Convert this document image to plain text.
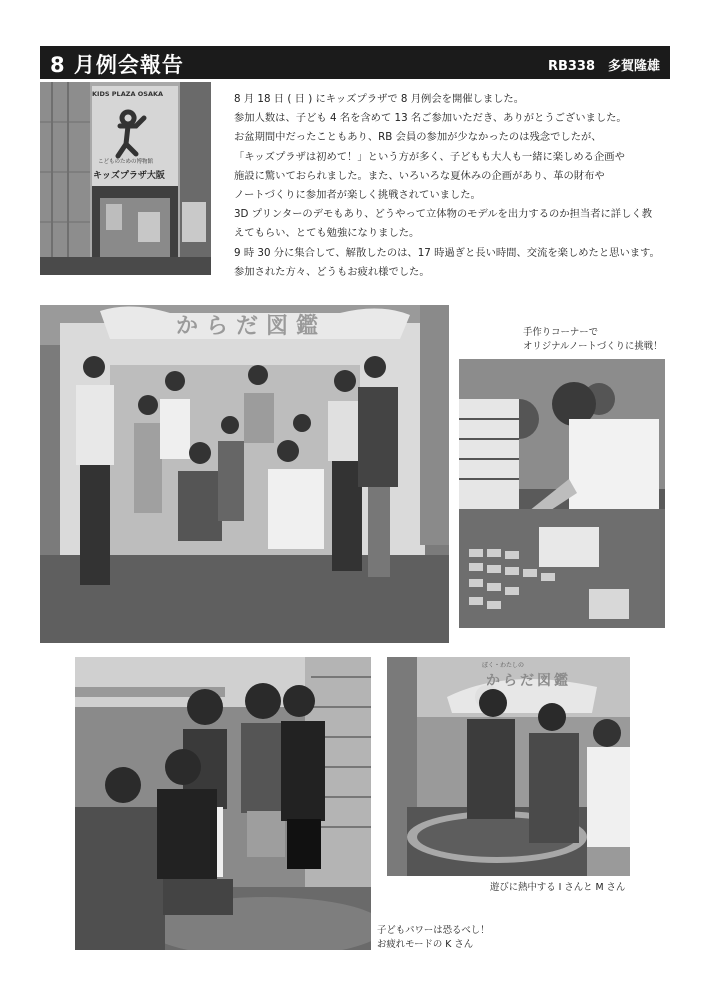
8 月例会報告	RB338　多賀隆雄
KIDS PLAZA OSAKA
こどものための博物館
キッズプラザ大阪

8 月 18 日 ( 日 ) にキッズプラザで 8 月例会を開催しました。

参加人数は、子ども 4 名を含めて 13 名ご参加いただき、ありがとうございました。

お盆期間中だったこともあり、RB 会員の参加が少なかったのは残念でしたが、

「キッズプラザは初めて！」という方が多く、子どもも大人も一緒に楽しめる企画や

施設に驚いておられました。また、いろいろな夏休みの企画があり、革の財布や

ノートづくりに参加者が楽しく挑戦されていました。

3D プリンターのデモもあり、どうやって立体物のモデルを出力するのか担当者に詳しく教

えてもらい、とても勉強になりました。

9 時 30 分に集合して、解散したのは、17 時過ぎと長い時間、交流を楽しめたと思います。

参加された方々、どうもお疲れ様でした。

からだ図鑑	手作りコーナーで
オリジナルノートづくりに挑戦！
ぼく・わたしの
からだ図鑑
遊びに熱中する I さんと M さん
子どもパワーは恐るべし！
お疲れモードの K さん
